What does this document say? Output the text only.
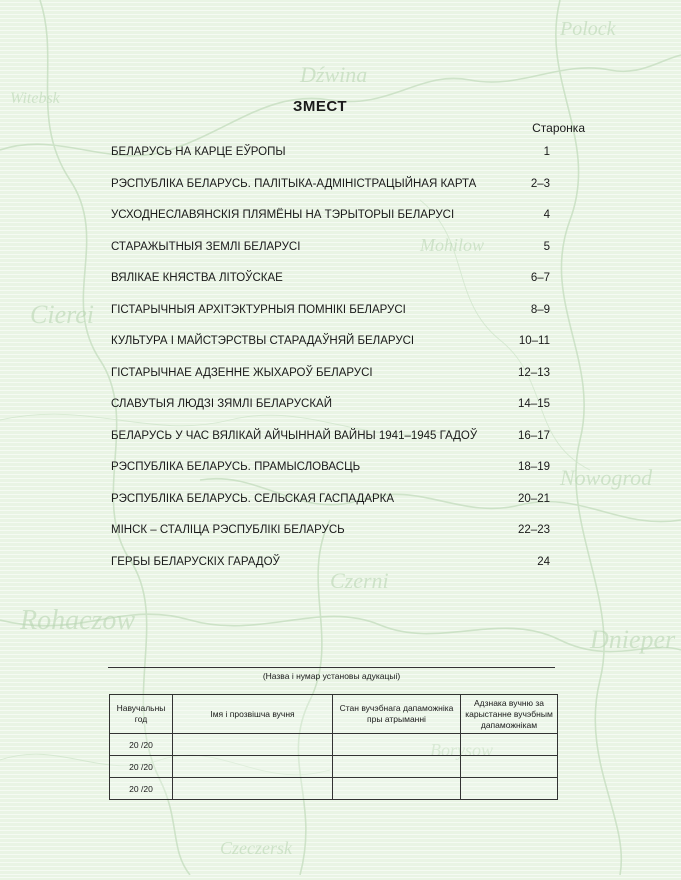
Polock
Dźwina
Cierei
Czerni
Rohaczow
Witebsk
Mohilow
Nowogrod
Dnieper
Czeczersk
Borysow
ЗМЕСТ
Старонка
БЕЛАРУСЬ НА КАРЦЕ ЕЎРОПЫ	1
РЭСПУБЛІКА БЕЛАРУСЬ. ПАЛІТЫКА-АДМІНІСТРАЦЫЙНАЯ КАРТА	2–3
УСХОДНЕСЛАВЯНСКІЯ ПЛЯМЁНЫ НА ТЭРЫТОРЫІ БЕЛАРУСІ	4
СТАРАЖЫТНЫЯ ЗЕМЛІ БЕЛАРУСІ	5
ВЯЛІКАЕ КНЯСТВА ЛІТОЎСКАЕ	6–7
ГІСТАРЫЧНЫЯ АРХІТЭКТУРНЫЯ ПОМНІКІ БЕЛАРУСІ	8–9
КУЛЬТУРА І МАЙСТЭРСТВЫ СТАРАДАЎНЯЙ БЕЛАРУСІ	10–11
ГІСТАРЫЧНАЕ АДЗЕННЕ ЖЫХАРОЎ БЕЛАРУСІ	12–13
СЛАВУТЫЯ ЛЮДЗІ ЗЯМЛІ БЕЛАРУСКАЙ	14–15
БЕЛАРУСЬ У ЧАС ВЯЛІКАЙ АЙЧЫННАЙ ВАЙНЫ 1941–1945 ГАДОЎ	16–17
РЭСПУБЛІКА БЕЛАРУСЬ. ПРАМЫСЛОВАСЦЬ	18–19
РЭСПУБЛІКА БЕЛАРУСЬ. СЕЛЬСКАЯ ГАСПАДАРКА	20–21
МІНСК – СТАЛІЦА РЭСПУБЛІКІ БЕЛАРУСЬ	22–23
ГЕРБЫ БЕЛАРУСКІХ ГАРАДОЎ	24
(Назва і нумар установы адукацыі)
Навучальны год	Імя і прозвішча вучня	Стан вучэбнага дапаможніка пры атрыманні	Адзнака вучню за карыстанне вучэбным дапаможнікам
20 /20			
20 /20			
20 /20			
